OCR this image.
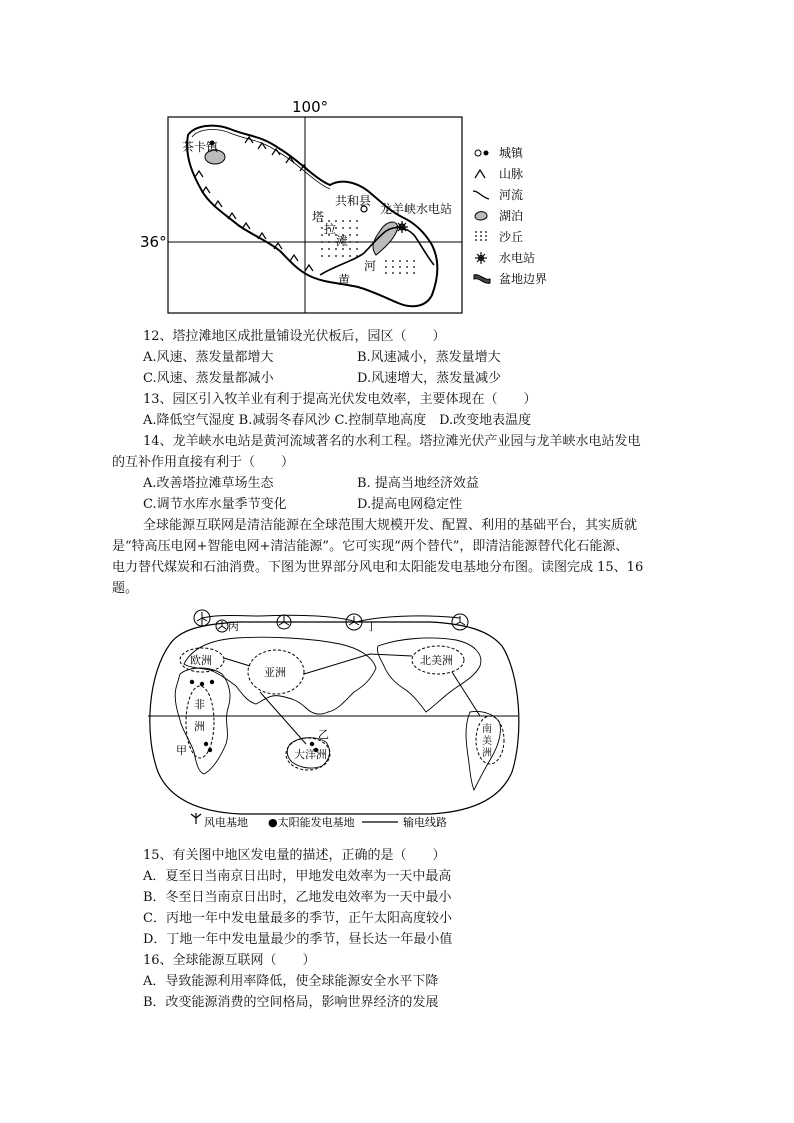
100°
36°
茶卡镇
共和县
龙羊峡水电站
塔
拉
滩
黄
河
城镇
山脉
河流
湖泊
沙丘
水电站
盆地边界
12、塔拉滩地区成批量铺设光伏板后，园区（　　）
A.风速、蒸发量都增大	B.风速减小，蒸发量增大
C.风速、蒸发量都减小	D.风速增大，蒸发量减少
13、园区引入牧羊业有利于提高光伏发电效率，主要体现在（　　）
A.降低空气湿度 B.减弱冬春风沙 C.控制草地高度　D.改变地表温度
14、龙羊峡水电站是黄河流域著名的水利工程。塔拉滩光伏产业园与龙羊峡水电站发电
的互补作用直接有利于（　　）
A.改善塔拉滩草场生态	B. 提高当地经济效益
C.调节水库水量季节变化	D.提高电网稳定性
全球能源互联网是清洁能源在全球范围大规模开发、配置、利用的基础平台，其实质就
是“特高压电网+智能电网+清洁能源”。它可实现“两个替代”，即清洁能源替代化石能源、
电力替代煤炭和石油消费。下图为世界部分风电和太阳能发电基地分布图。读图完成 15、16
题。
欧洲
亚洲
北美洲
南美洲
大洋洲
非
洲
丙	丁
甲
乙
风电基地 ●太阳能发电基地	输电线路
15、有关图中地区发电量的描述，正确的是（　　）
A．夏至日当南京日出时，甲地发电效率为一天中最高
B．冬至日当南京日出时，乙地发电效率为一天中最小
C．丙地一年中发电量最多的季节，正午太阳高度较小
D．丁地一年中发电量最少的季节，昼长达一年最小值
16、全球能源互联网（　　）
A．导致能源利用率降低，使全球能源安全水平下降
B．改变能源消费的空间格局，影响世界经济的发展
